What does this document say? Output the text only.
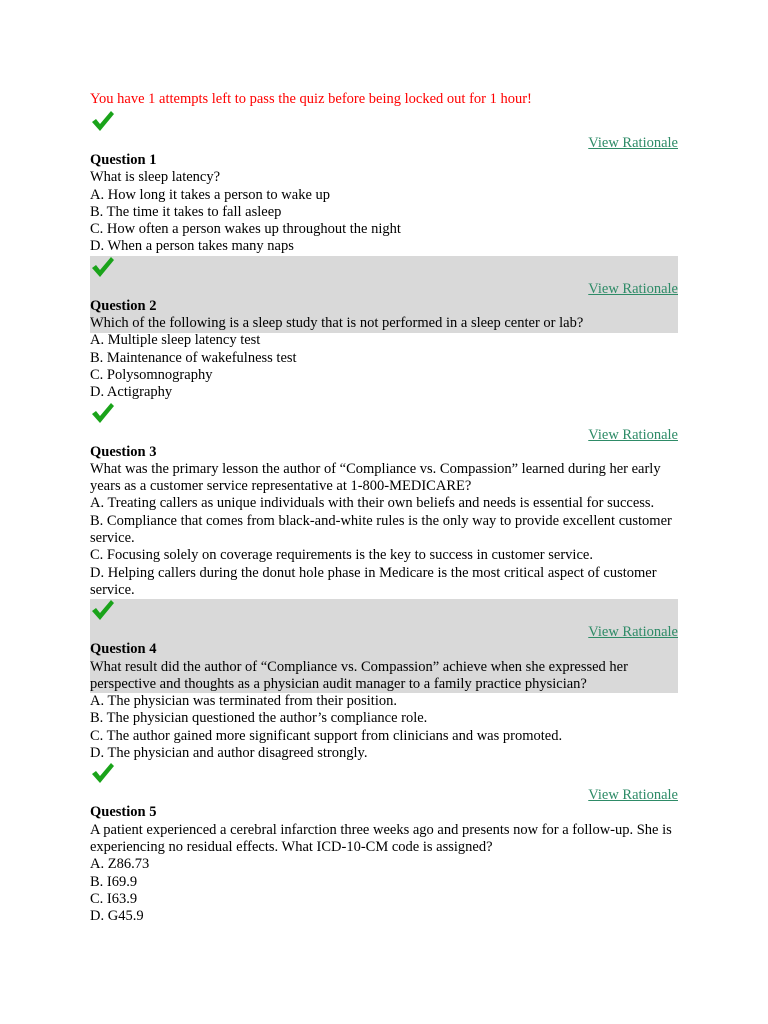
You have 1 attempts left to pass the quiz before being locked out for 1 hour!
View Rationale
Question 1
What is sleep latency?
A. How long it takes a person to wake up
B. The time it takes to fall asleep
C. How often a person wakes up throughout the night
D. When a person takes many naps
View Rationale
Question 2
Which of the following is a sleep study that is not performed in a sleep center or lab?
A. Multiple sleep latency test
B. Maintenance of wakefulness test
C. Polysomnography
D. Actigraphy
View Rationale
Question 3
What was the primary lesson the author of “Compliance vs. Compassion” learned during her early years as a customer service representative at 1-800-MEDICARE?
A. Treating callers as unique individuals with their own beliefs and needs is essential for success.
B. Compliance that comes from black-and-white rules is the only way to provide excellent customer service.
C. Focusing solely on coverage requirements is the key to success in customer service.
D. Helping callers during the donut hole phase in Medicare is the most critical aspect of customer service.
View Rationale
Question 4
What result did the author of “Compliance vs. Compassion” achieve when she expressed her perspective and thoughts as a physician audit manager to a family practice physician?
A. The physician was terminated from their position.
B. The physician questioned the author’s compliance role.
C. The author gained more significant support from clinicians and was promoted.
D. The physician and author disagreed strongly.
View Rationale
Question 5
A patient experienced a cerebral infarction three weeks ago and presents now for a follow-up. She is experiencing no residual effects. What ICD-10-CM code is assigned?
A. Z86.73
B. I69.9
C. I63.9
D. G45.9
